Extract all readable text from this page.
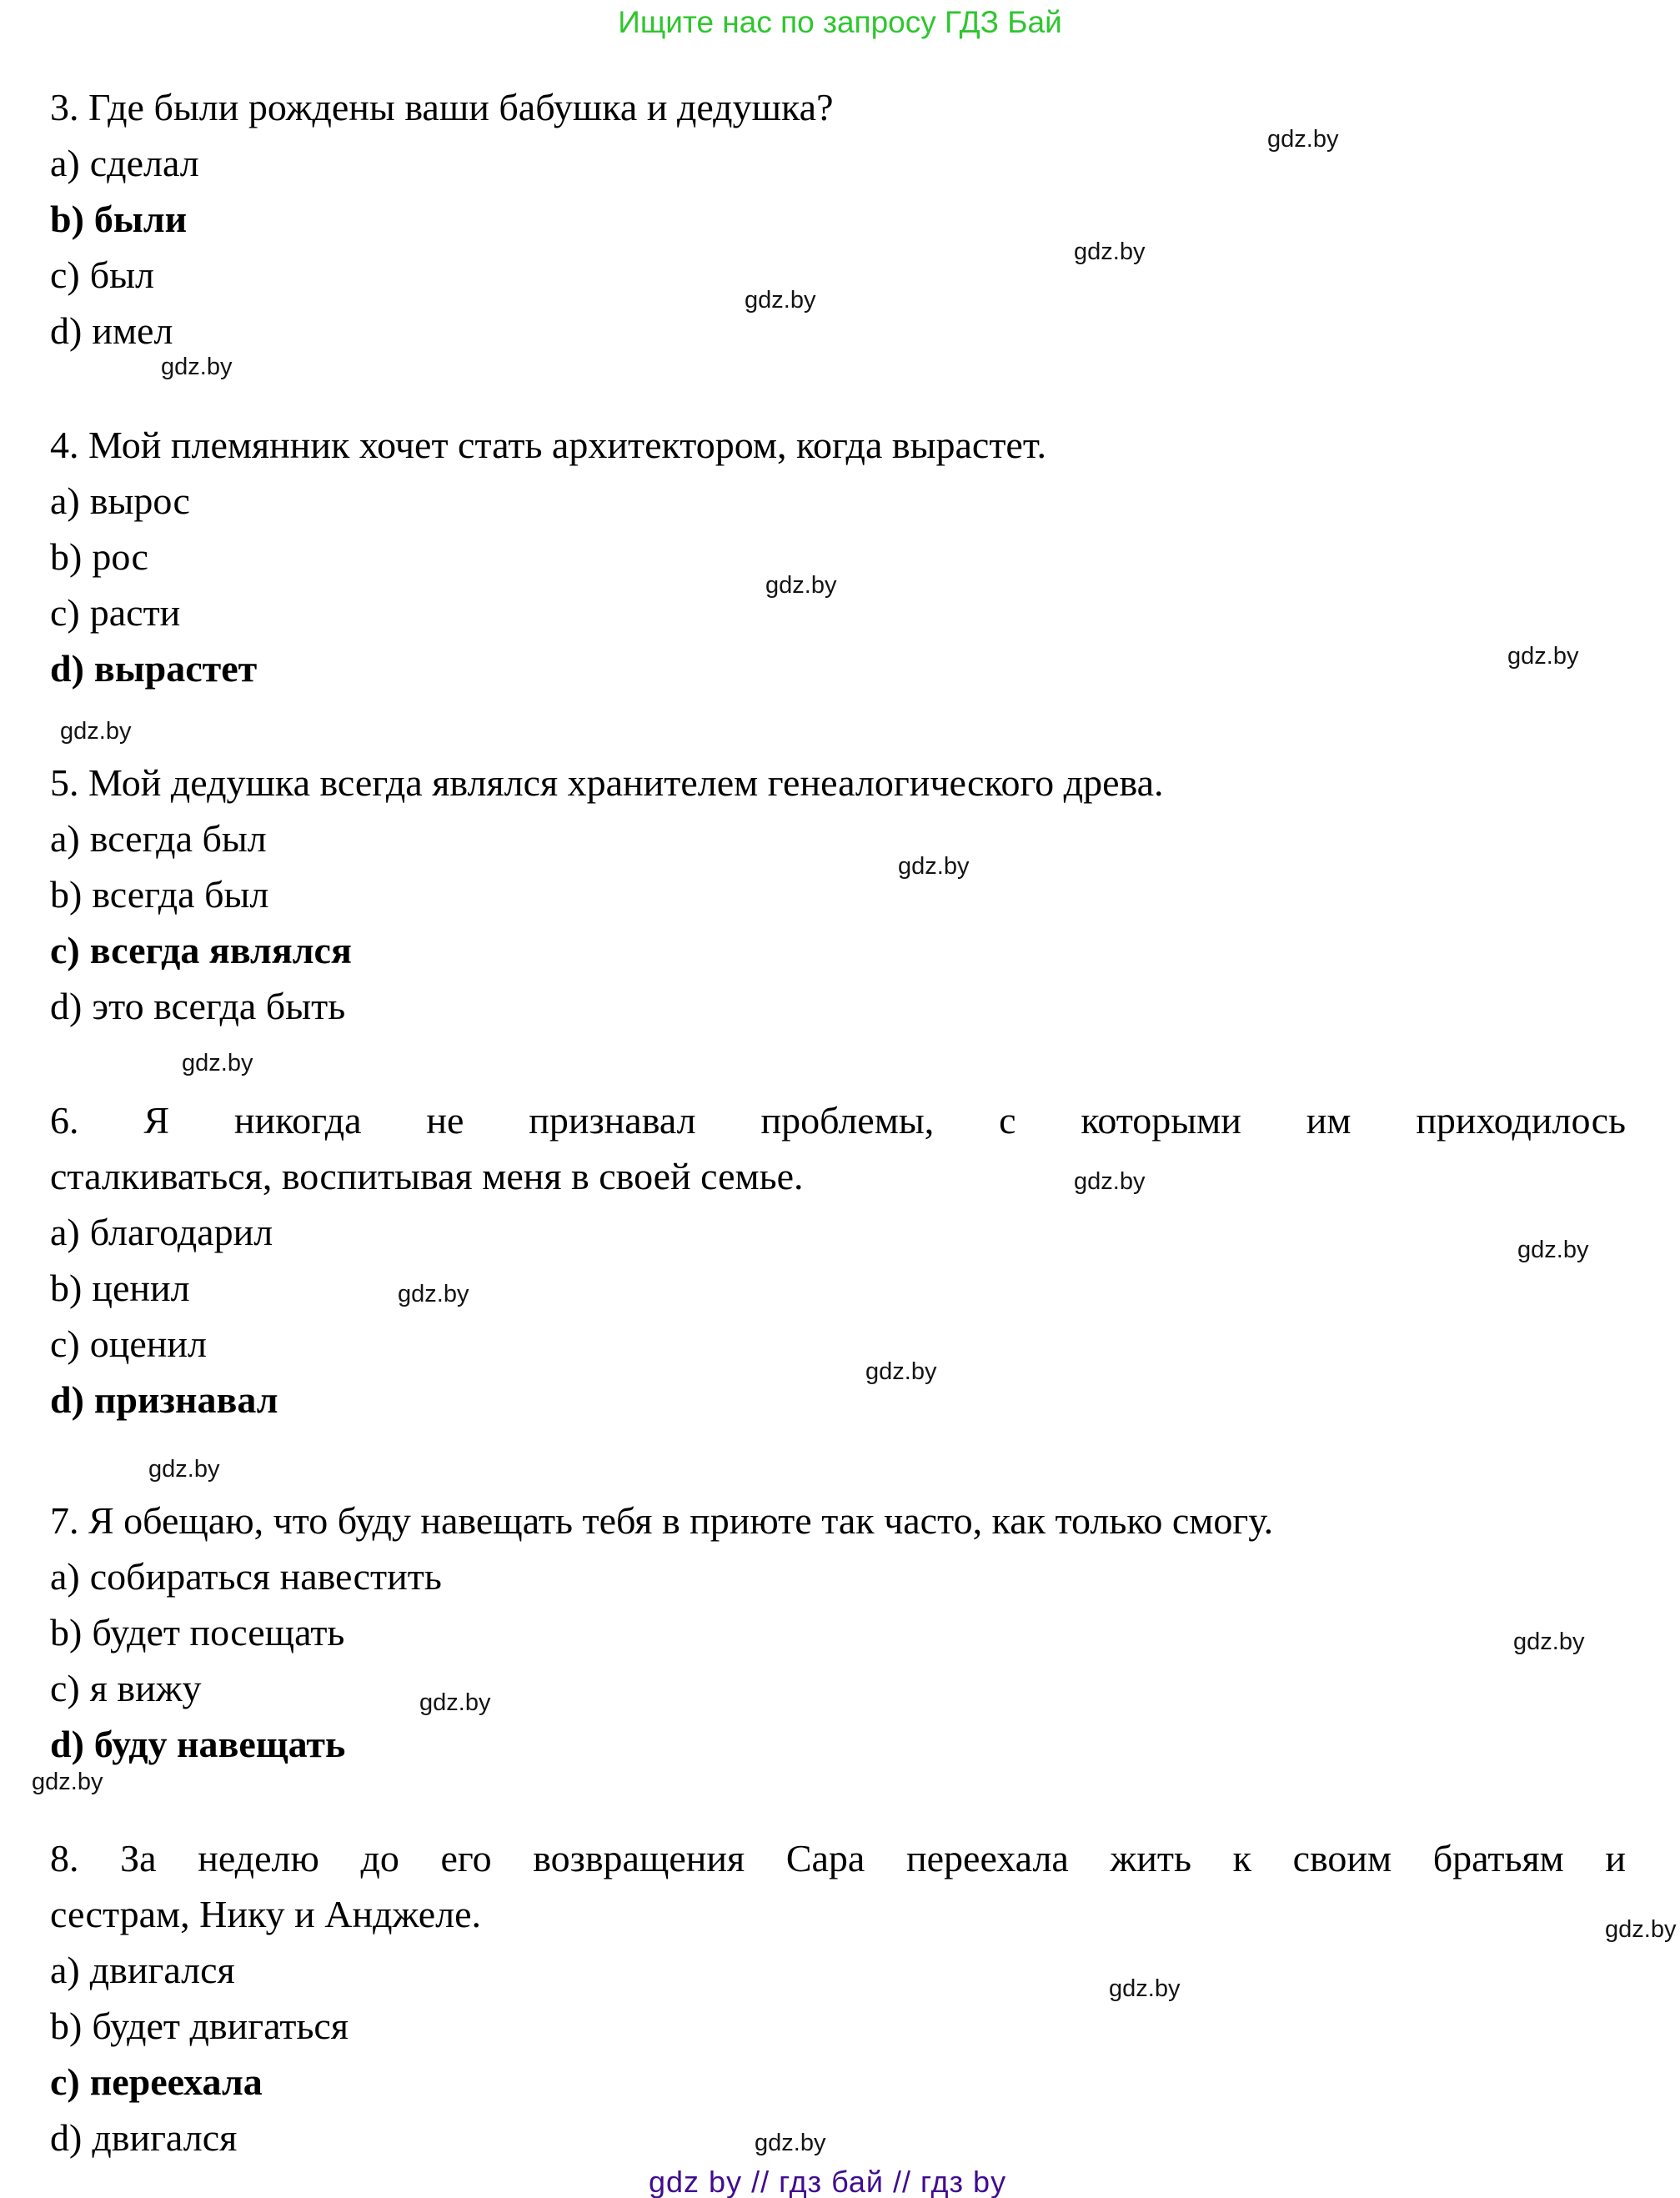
Ищите нас по запросу ГДЗ Бай
3. Где были рождены ваши бабушка и дедушка?
a) сделал
b) были
c) был
d) имел
4. Мой племянник хочет стать архитектором, когда вырастет.
a) вырос
b) рос
c) расти
d) вырастет
5. Мой дедушка всегда являлся хранителем генеалогического древа.
a) всегда был
b) всегда был
c) всегда являлся
d) это всегда быть
6. Я никогда не признавал проблемы, с которыми им приходилось
сталкиваться, воспитывая меня в своей семье.
a) благодарил
b) ценил
c) оценил
d) признавал
7. Я обещаю, что буду навещать тебя в приюте так часто, как только смогу.
a) собираться навестить
b) будет посещать
c) я вижу
d) буду навещать
8. За неделю до его возвращения Сара переехала жить к своим братьям и
сестрам, Нику и Анджеле.
a) двигался
b) будет двигаться
c) переехала
d) двигался
gdz.by
gdz.by
gdz.by
gdz.by
gdz.by
gdz.by
gdz.by
gdz.by
gdz.by
gdz.by
gdz.by
gdz.by
gdz.by
gdz.by
gdz.by
gdz.by
gdz.by
gdz.by
gdz.by
gdz.by
gdz by // гдз бай // гдз by
